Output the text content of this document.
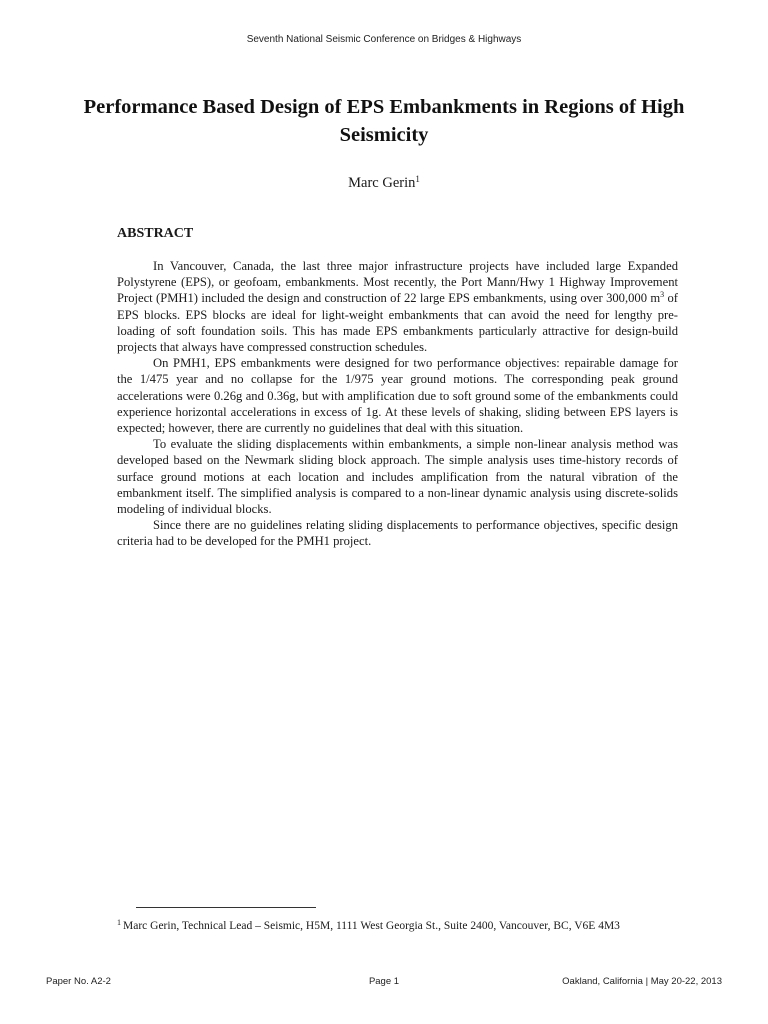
Seventh National Seismic Conference on Bridges & Highways
Performance Based Design of EPS Embankments in Regions of High Seismicity
Marc Gerin$^1$
ABSTRACT

In Vancouver, Canada, the last three major infrastructure projects have included large Expanded Polystyrene (EPS), or geofoam, embankments. Most recently, the Port Mann/Hwy 1 Highway Improvement Project (PMH1) included the design and construction of 22 large EPS embankments, using over 300,000 $m^3$ of EPS blocks. EPS blocks are ideal for light-weight embankments that can avoid the need for lengthy pre-loading of soft foundation soils. This has made EPS embankments particularly attractive for design-build projects that always have compressed construction schedules.

On PMH1, EPS embankments were designed for two performance objectives: repairable damage for the 1/475 year and no collapse for the 1/975 year ground motions. The corresponding peak ground accelerations were 0.26g and 0.36g, but with amplification due to soft ground some of the embankments could experience horizontal accelerations in excess of 1g. At these levels of shaking, sliding between EPS layers is expected; however, there are currently no guidelines that deal with this situation.

To evaluate the sliding displacements within embankments, a simple non-linear analysis method was developed based on the Newmark sliding block approach. The simple analysis uses time-history records of surface ground motions at each location and includes amplification from the natural vibration of the embankment itself. The simplified analysis is compared to a non-linear dynamic analysis using discrete-solids modeling of individual blocks.

Since there are no guidelines relating sliding displacements to performance objectives, specific design criteria had to be developed for the PMH1 project.

$^1$ Marc Gerin, Technical Lead – Seismic, H5M, 1111 West Georgia St., Suite 2400, Vancouver, BC, V6E 4M3
Paper No. A2-2	Page 1	Oakland, California | May 20-22, 2013
